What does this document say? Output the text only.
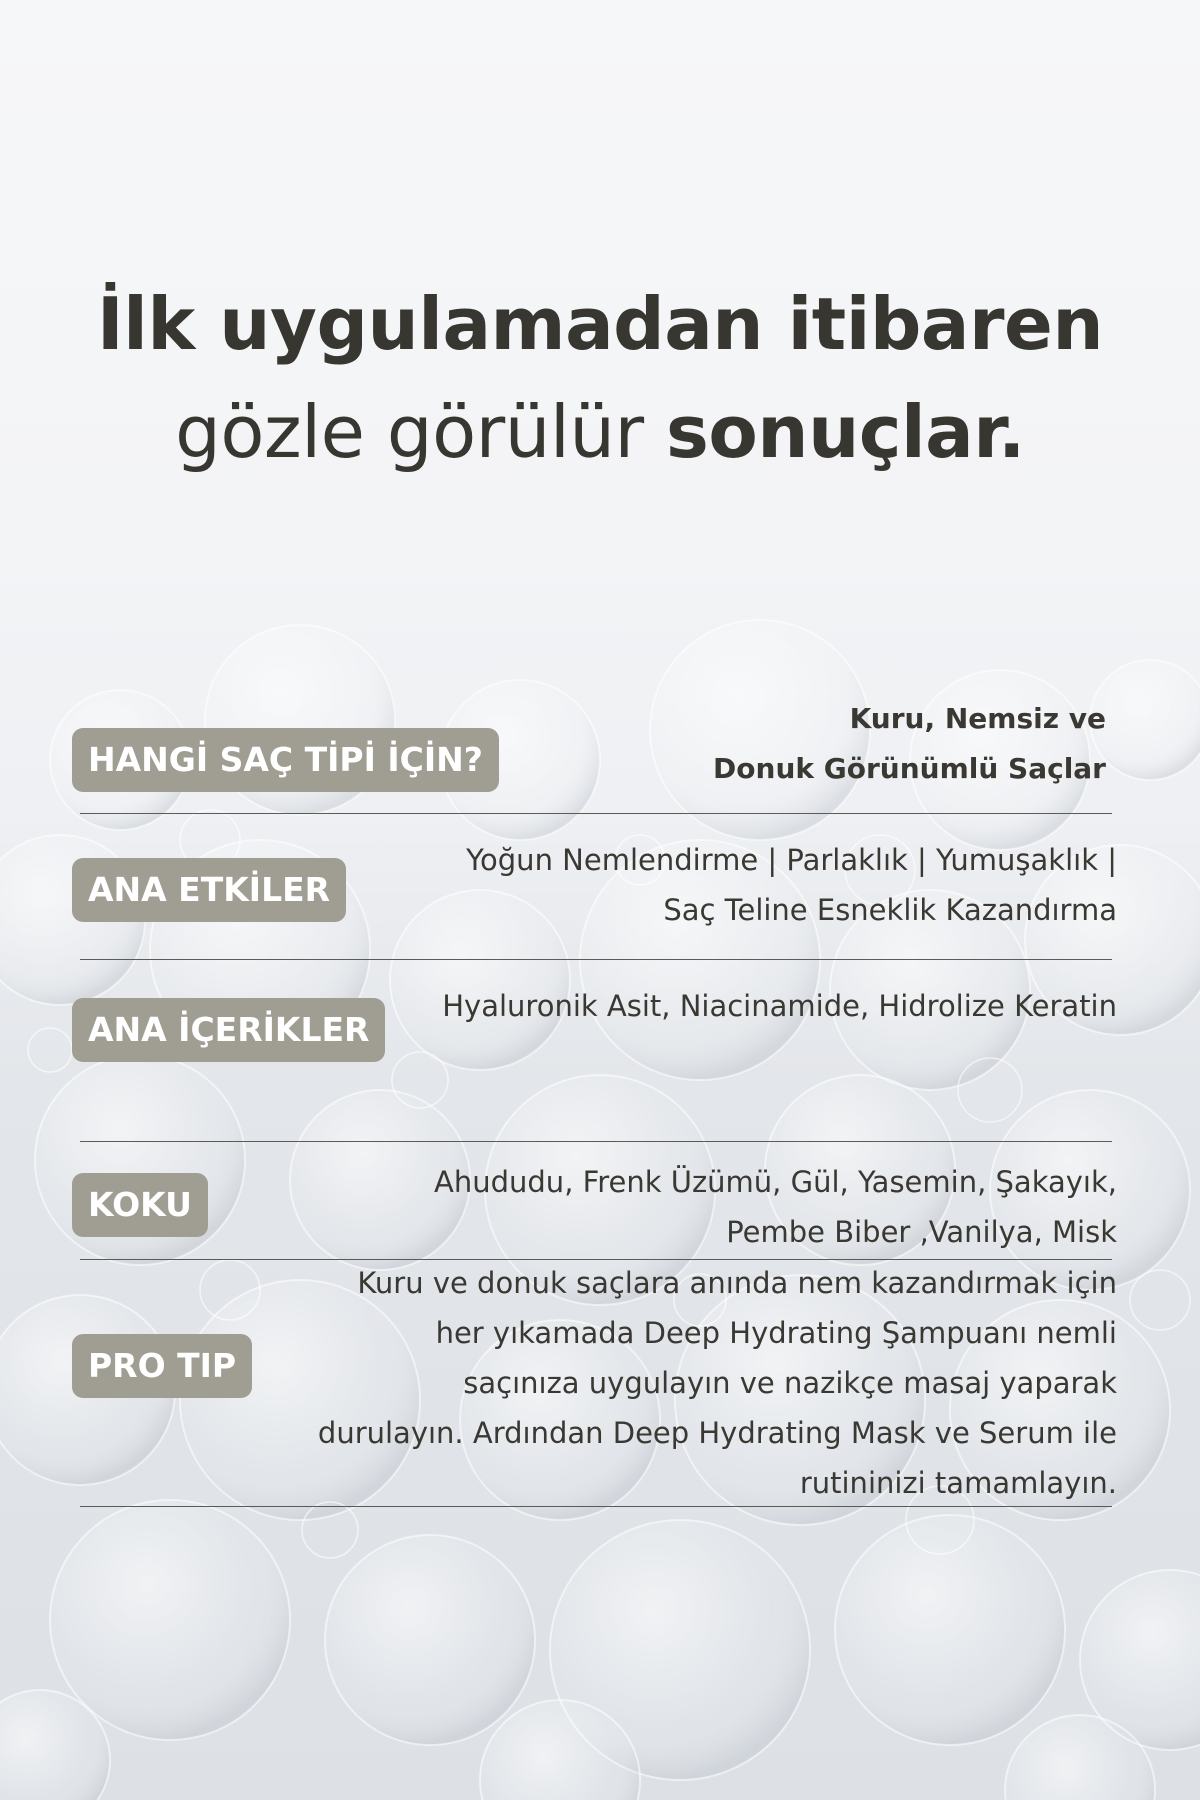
İlk uygulamadan itibaren
gözle görülür sonuçlar.
HANGİ SAÇ TİPİ İÇİN?
Kuru, Nemsiz ve
Donuk Görünümlü Saçlar
ANA ETKİLER
Yoğun Nemlendirme | Parlaklık | Yumuşaklık |
Saç Teline Esneklik Kazandırma
ANA İÇERİKLER
Hyaluronik Asit, Niacinamide, Hidrolize Keratin
KOKU
Ahududu, Frenk Üzümü, Gül, Yasemin, Şakayık,
Pembe Biber ,Vanilya, Misk
PRO TIP
Kuru ve donuk saçlara anında nem kazandırmak için
her yıkamada Deep Hydrating Şampuanı nemli
saçınıza uygulayın ve nazikçe masaj yaparak
durulayın. Ardından Deep Hydrating Mask ve Serum ile
rutininizi tamamlayın.
